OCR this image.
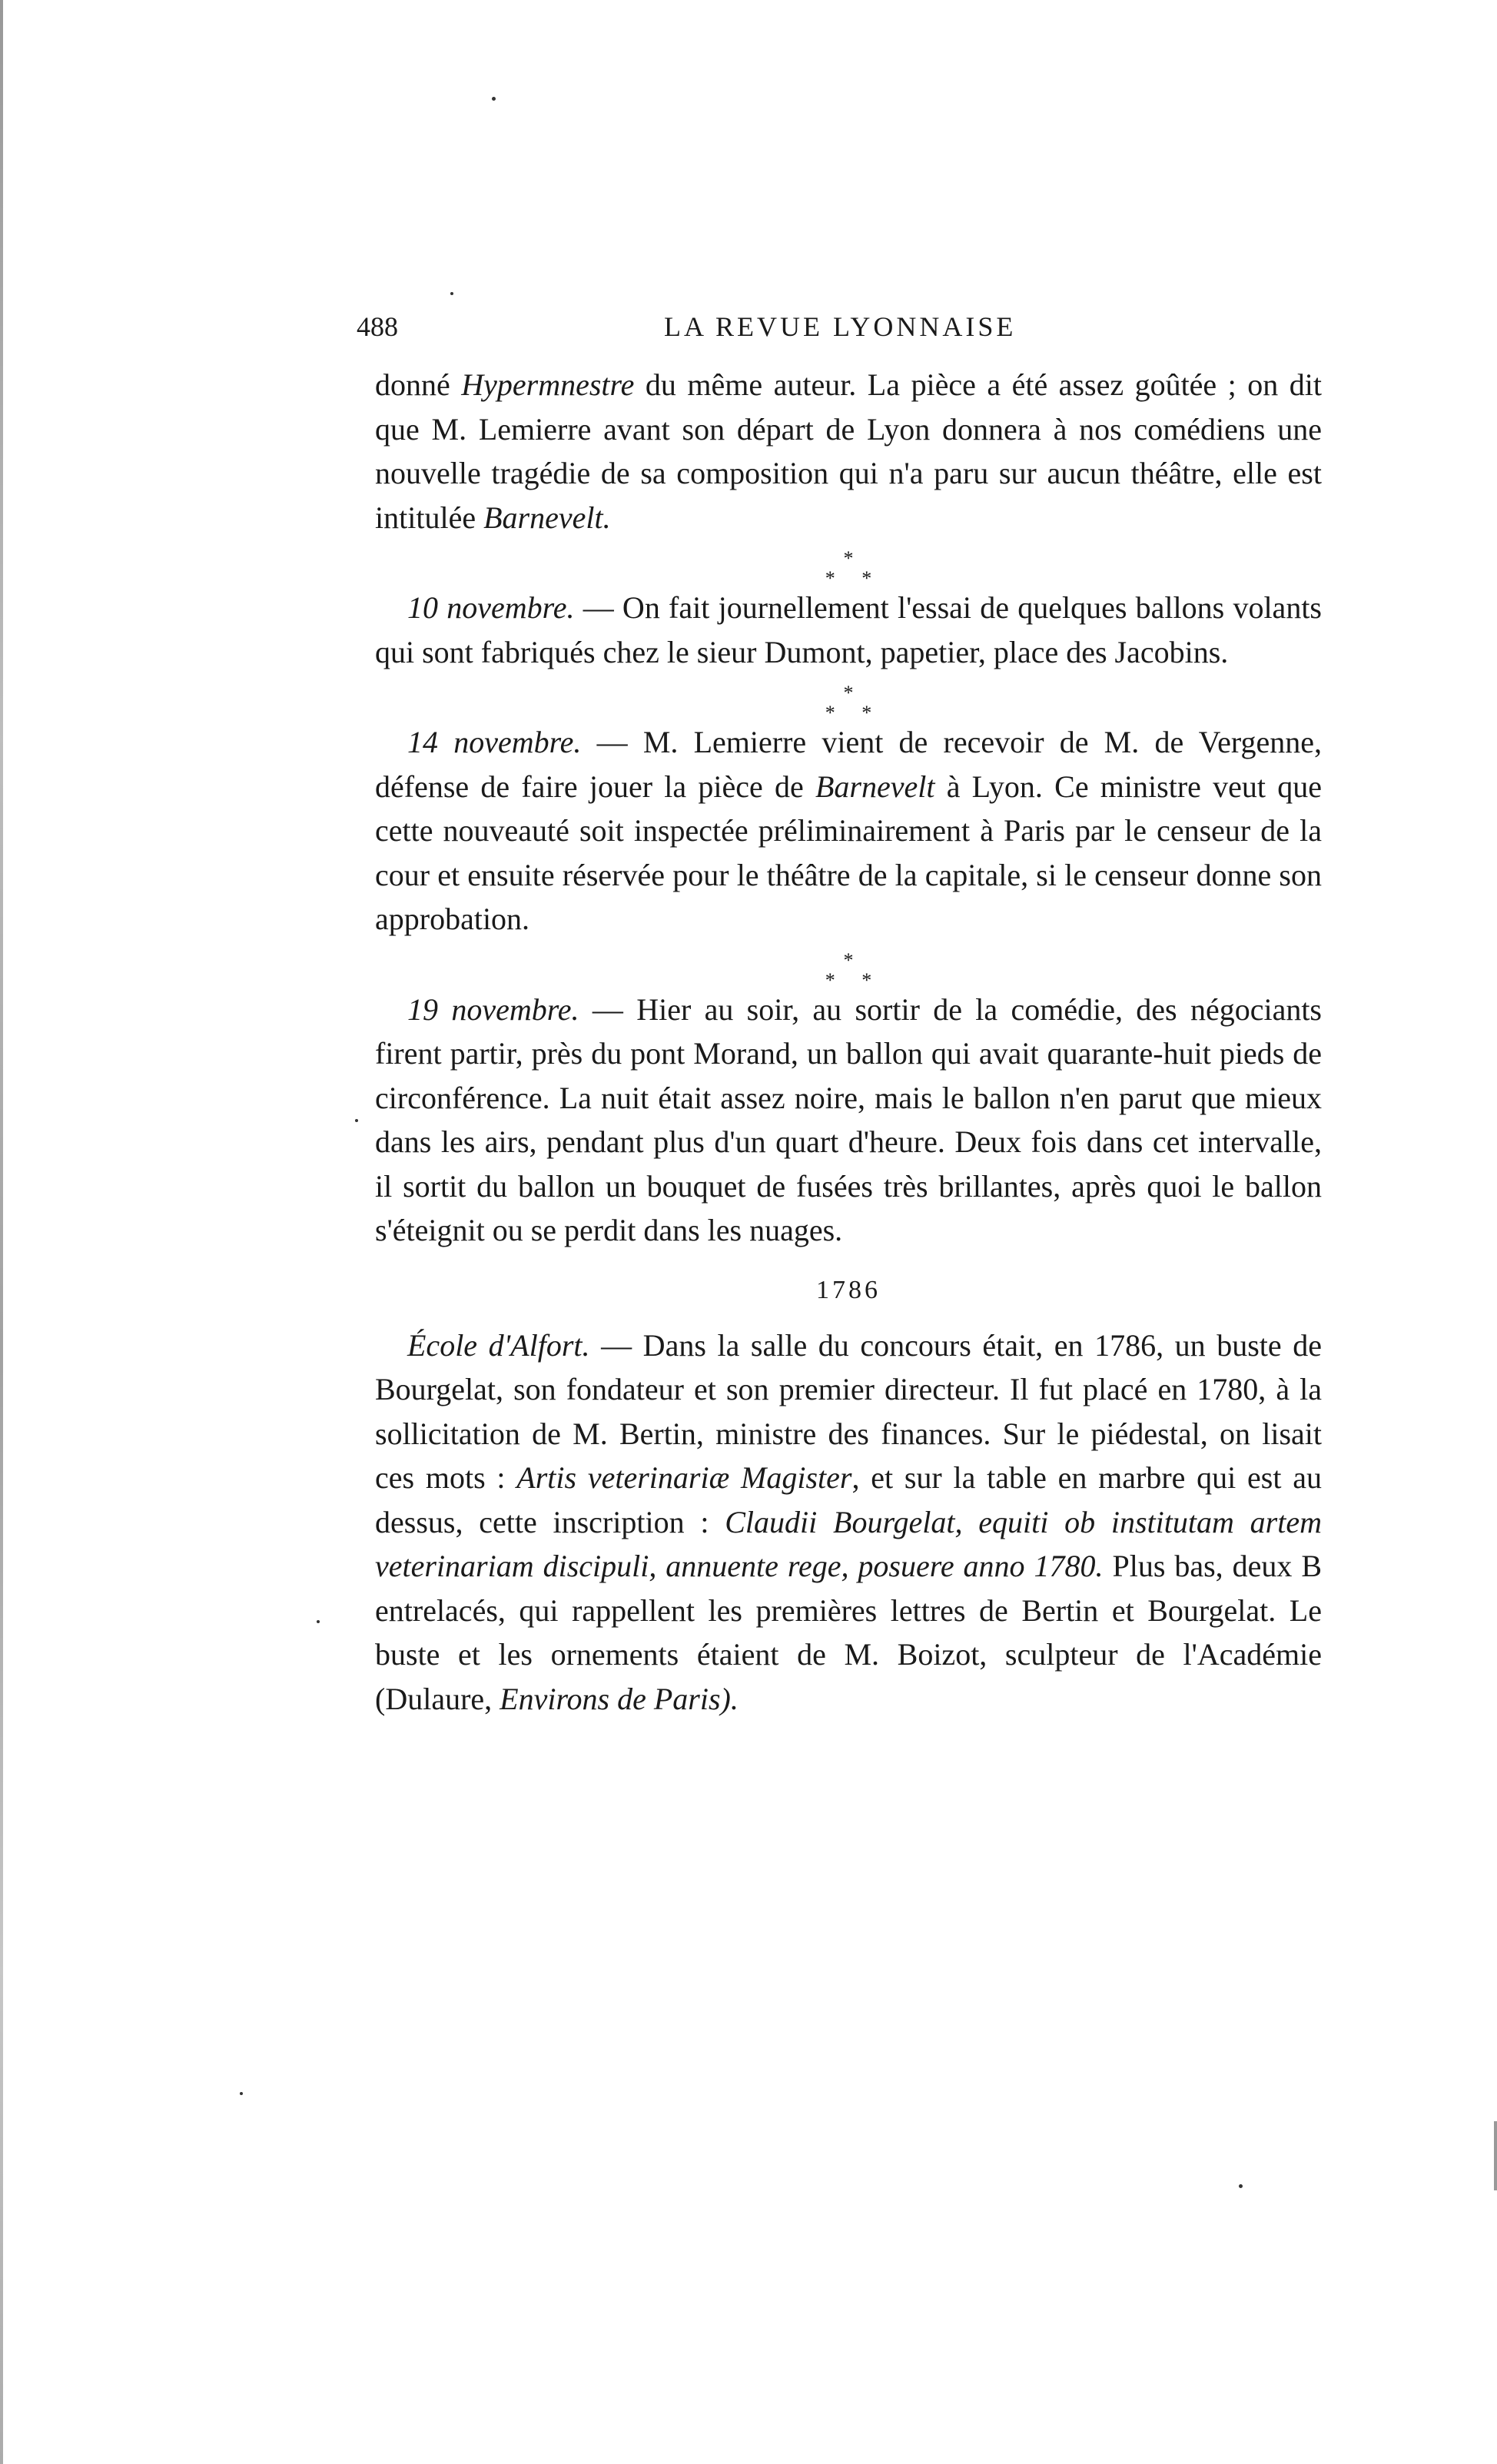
488	LA REVUE LYONNAISE

donné Hypermnestre du même auteur. La pièce a été assez goûtée ; on dit que M. Lemierre avant son départ de Lyon donnera à nos comédiens une nouvelle tragédie de sa composition qui n'a paru sur aucun théâtre, elle est intitulée Barnevelt.

*
* *

10 novembre. — On fait journellement l'essai de quelques ballons volants qui sont fabriqués chez le sieur Dumont, papetier, place des Jacobins.

*
* *

14 novembre. — M. Lemierre vient de recevoir de M. de Vergenne, défense de faire jouer la pièce de Barnevelt à Lyon. Ce ministre veut que cette nouveauté soit inspectée préliminairement à Paris par le censeur de la cour et ensuite réservée pour le théâtre de la capitale, si le censeur donne son approbation.

*
* *

19 novembre. — Hier au soir, au sortir de la comédie, des négociants firent partir, près du pont Morand, un ballon qui avait quarante-huit pieds de circonférence. La nuit était assez noire, mais le ballon n'en parut que mieux dans les airs, pendant plus d'un quart d'heure. Deux fois dans cet intervalle, il sortit du ballon un bouquet de fusées très brillantes, après quoi le ballon s'éteignit ou se perdit dans les nuages.

1786

École d'Alfort. — Dans la salle du concours était, en 1786, un buste de Bourgelat, son fondateur et son premier directeur. Il fut placé en 1780, à la sollicitation de M. Bertin, ministre des finances. Sur le piédestal, on lisait ces mots : Artis veterinariæ Magister, et sur la table en marbre qui est au dessus, cette inscription : Claudii Bourgelat, equiti ob institutam artem veterinariam discipuli, annuente rege, posuere anno 1780. Plus bas, deux B entrelacés, qui rappellent les premières lettres de Bertin et Bourgelat. Le buste et les ornements étaient de M. Boizot, sculpteur de l'Académie (Dulaure, Environs de Paris).
